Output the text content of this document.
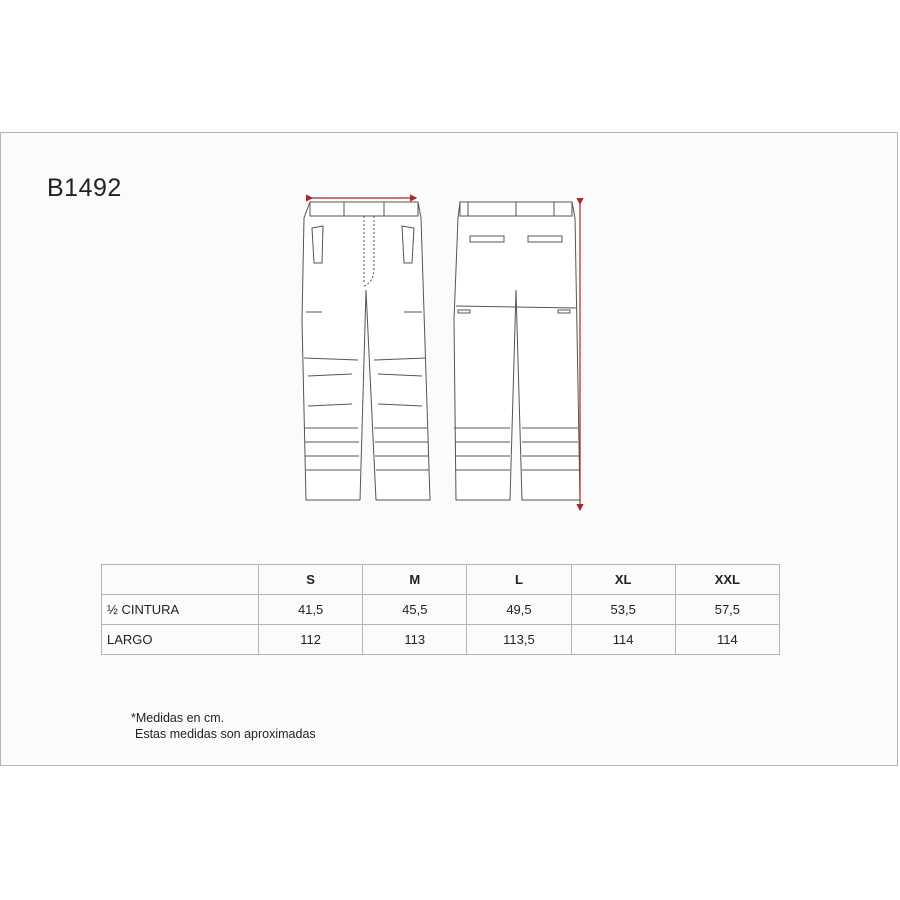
B1492
	S	M	L	XL	XXL
½ CINTURA	41,5	45,5	49,5	53,5	57,5
LARGO	112	113	113,5	114	114
*Medidas en cm.
Estas medidas son aproximadas
